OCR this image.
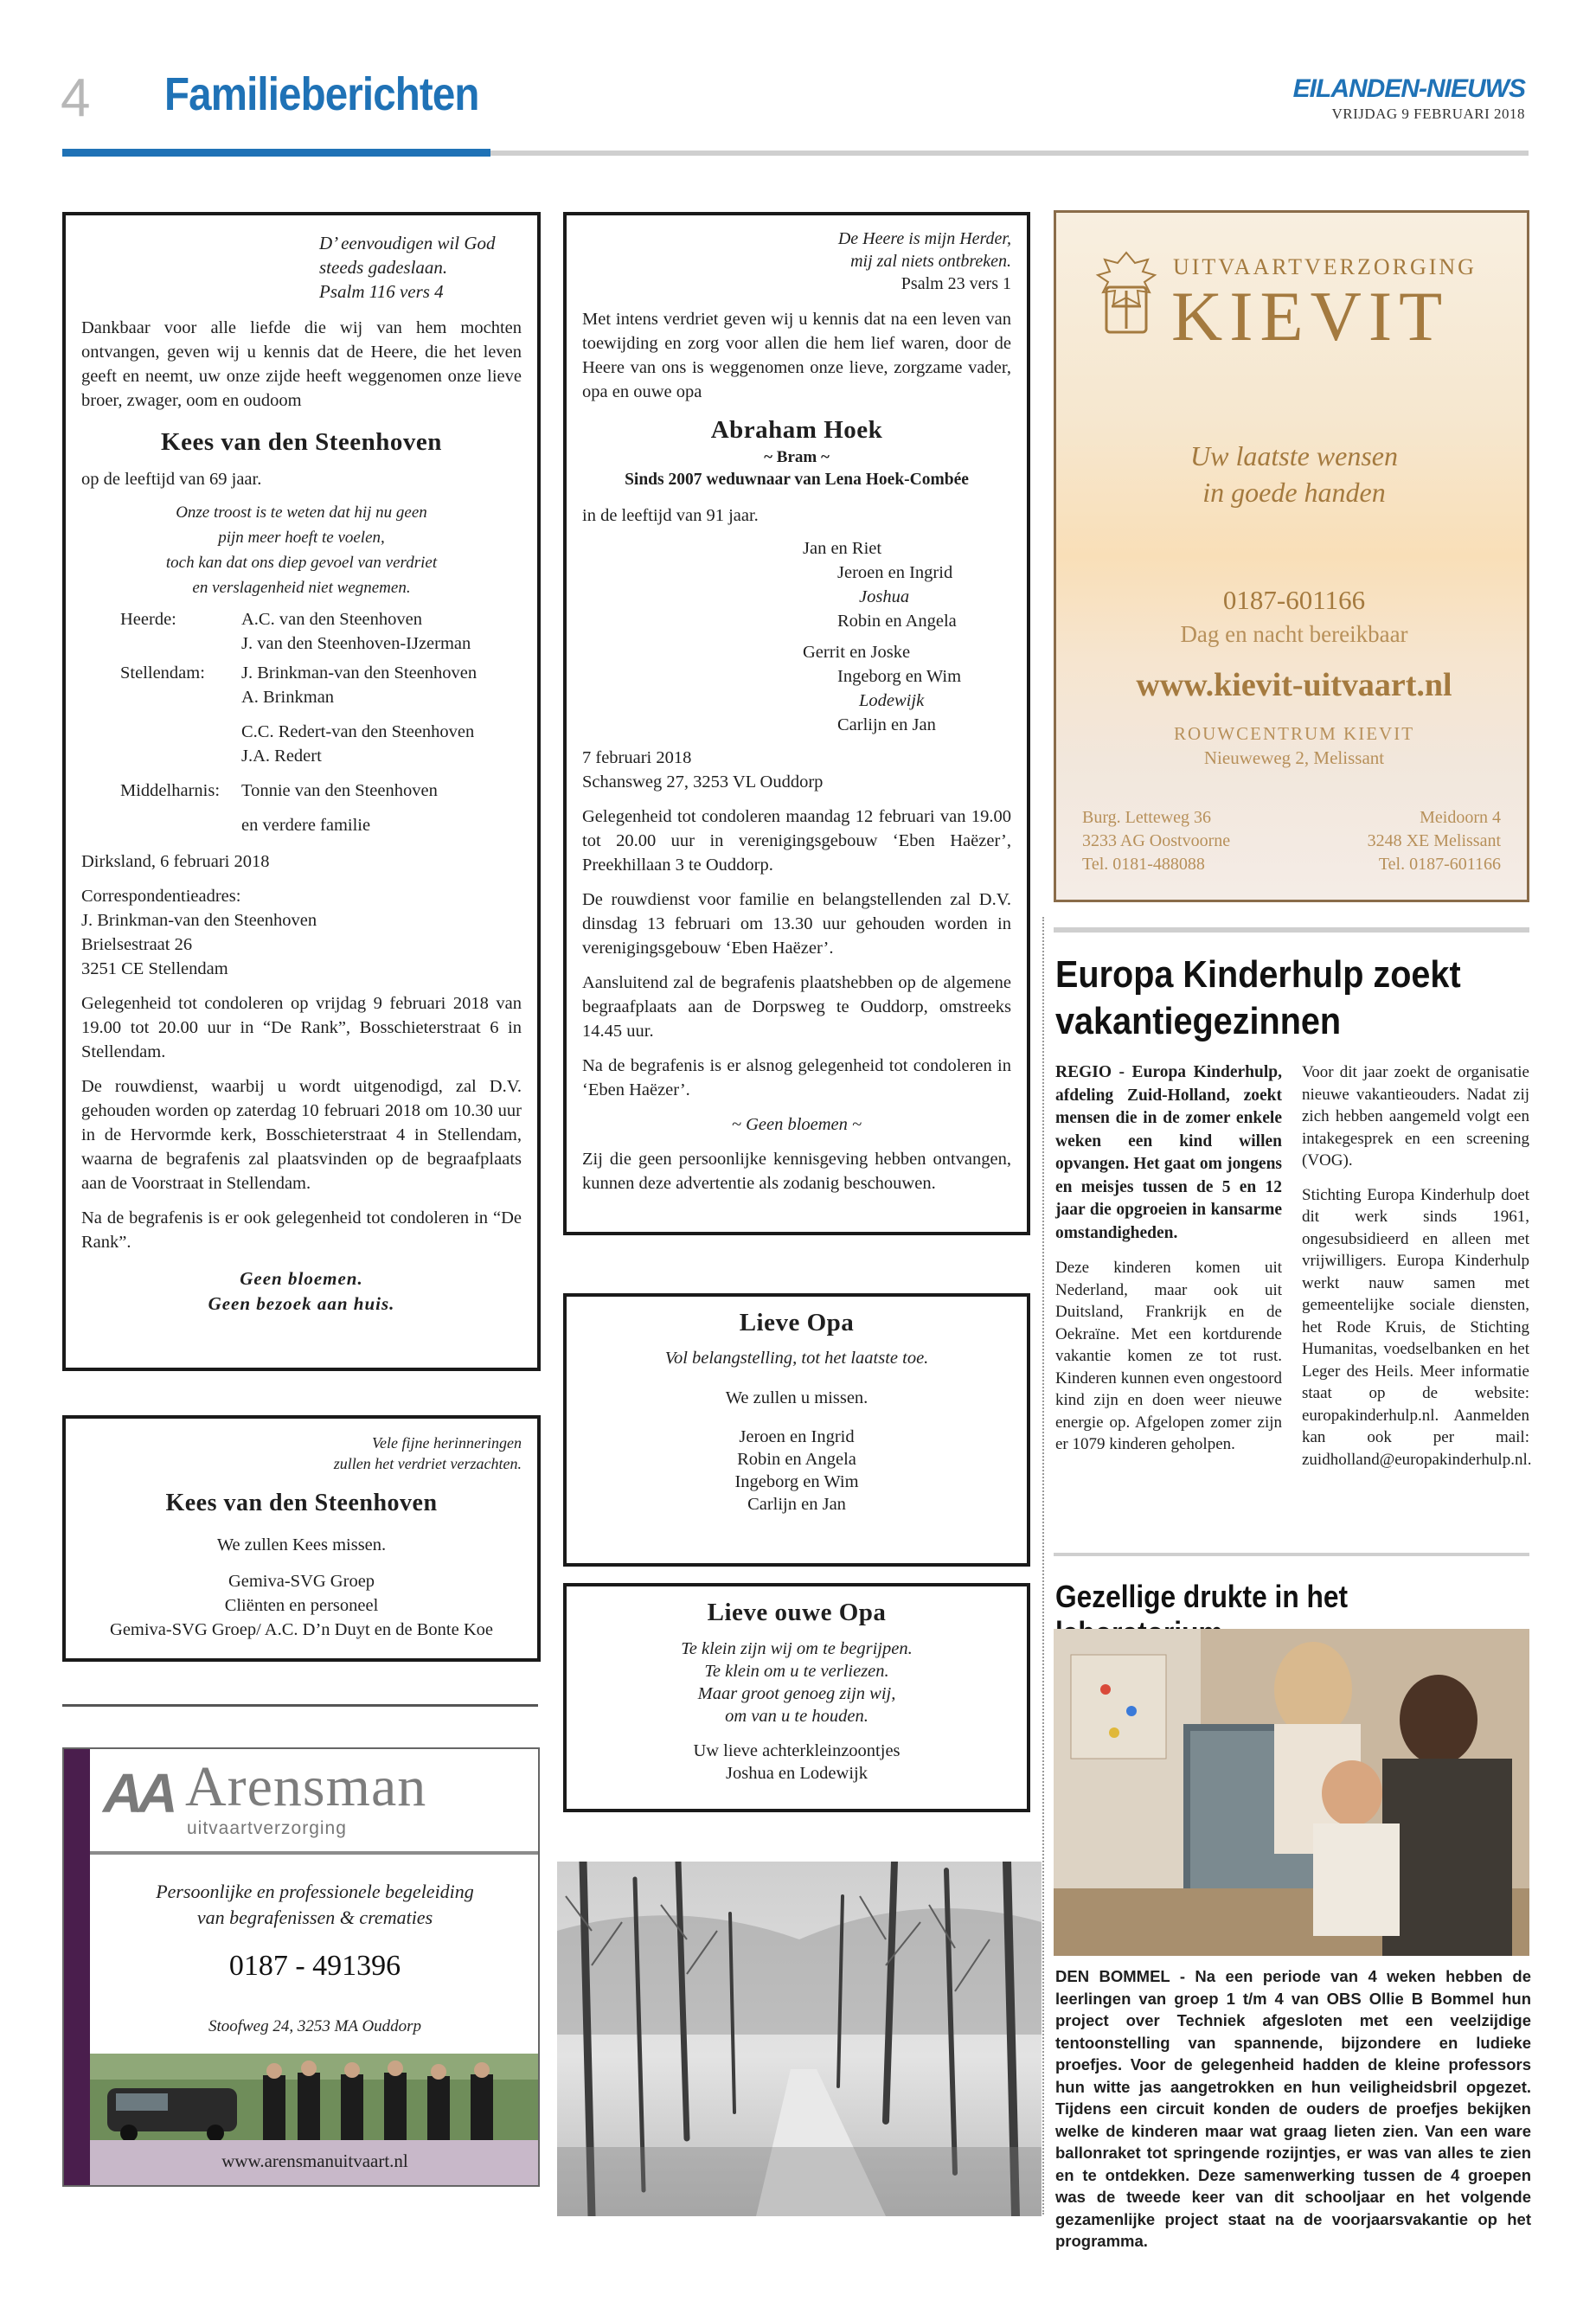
4 Familieberichten	EILANDEN-NIEUWS
VRIJDAG 9 FEBRUARI 2018
D’ eenvoudigen wil God
steeds gadeslaan.
Psalm 116 vers 4

Dankbaar voor alle liefde die wij van hem mochten ontvangen, geven wij u kennis dat de Heere, die het leven geeft en neemt, uw onze zijde heeft weggenomen onze lieve broer, zwager, oom en oudoom

Kees van den Steenhoven

op de leeftijd van 69 jaar.

Onze troost is te weten dat hij nu geen
pijn meer hoeft te voelen,
toch kan dat ons diep gevoel van verdriet
en verslagenheid niet wegnemen.
Heerde:	A.C. van den Steenhoven
J. van den Steenhoven-IJzerman
Stellendam:	J. Brinkman-van den Steenhoven
A. Brinkman
C.C. Redert-van den Steenhoven
J.A. Redert
Middelharnis:	Tonnie van den Steenhoven
en verdere familie

Dirksland, 6 februari 2018

Correspondentieadres:
J. Brinkman-van den Steenhoven
Brielsestraat 26
3251 CE Stellendam

Gelegenheid tot condoleren op vrijdag 9 februari 2018 van 19.00 tot 20.00 uur in “De Rank”, Bosschieterstraat 6 in Stellendam.

De rouwdienst, waarbij u wordt uitgenodigd, zal D.V. gehouden worden op zaterdag 10 februari 2018 om 10.30 uur in de Hervormde kerk, Bosschieterstraat 4 in Stellendam, waarna de begrafenis zal plaatsvinden op de begraafplaats aan de Voorstraat in Stellendam.

Na de begrafenis is er ook gelegenheid tot condoleren in “De Rank”.

Geen bloemen.
Geen bezoek aan huis.
Vele fijne herinneringen
zullen het verdriet verzachten.
Kees van den Steenhoven

We zullen Kees missen.

Gemiva-SVG Groep
Cliënten en personeel
Gemiva-SVG Groep/ A.C. D’n Duyt en de Bonte Koe
De Heere is mijn Herder,
mij zal niets ontbreken.
Psalm 23 vers 1

Met intens verdriet geven wij u kennis dat na een leven van toewijding en zorg voor allen die hem lief waren, door de Heere van ons is weggenomen onze lieve, zorgzame vader, opa en ouwe opa

Abraham Hoek
~ Bram ~
Sinds 2007 weduwnaar van Lena Hoek-Combée

in de leeftijd van 91 jaar.

Jan en Riet
Jeroen en Ingrid
Joshua
Robin en Angela
Gerrit en Joske
Ingeborg en Wim
Lodewijk
Carlijn en Jan

7 februari 2018

Schansweg 27, 3253 VL Ouddorp

Gelegenheid tot condoleren maandag 12 februari van 19.00 tot 20.00 uur in verenigingsgebouw ‘Eben Haëzer’, Preekhillaan 3 te Ouddorp.

De rouwdienst voor familie en belangstellenden zal D.V. dinsdag 13 februari om 13.30 uur gehouden worden in verenigingsgebouw ‘Eben Haëzer’.

Aansluitend zal de begrafenis plaatshebben op de algemene begraafplaats aan de Dorpsweg te Ouddorp, omstreeks 14.45 uur.

Na de begrafenis is er alsnog gelegenheid tot condoleren in ‘Eben Haëzer’.

~ Geen bloemen ~

Zij die geen persoonlijke kennisgeving hebben ontvangen, kunnen deze advertentie als zodanig beschouwen.

Lieve Opa

Vol belangstelling, tot het laatste toe.

We zullen u missen.

Jeroen en Ingrid
Robin en Angela
Ingeborg en Wim
Carlijn en Jan
Lieve ouwe Opa
Te klein zijn wij om te begrijpen.
Te klein om u te verliezen.
Maar groot genoeg zijn wij,
om van u te houden.
Uw lieve achterkleinzoontjes
Joshua en Lodewijk
UITVAARTVERZORGING
KIEVIT
Uw laatste wensen
in goede handen
0187-601166
Dag en nacht bereikbaar
www.kievit-uitvaart.nl
ROUWCENTRUM KIEVIT
Nieuweweg 2, Melissant
Burg. Letteweg 36
3233 AG Oostvoorne
Tel. 0181-488088
Meidoorn 4
3248 XE Melissant
Tel. 0187-601166
Europa Kinderhulp zoekt
vakantiegezinnen

REGIO - Europa Kinderhulp, afdeling Zuid-Holland, zoekt mensen die in de zomer enkele weken een kind willen opvangen. Het gaat om jongens en meisjes tussen de 5 en 12 jaar die opgroeien in kansarme omstandigheden.

Deze kinderen komen uit Nederland, maar ook uit Duitsland, Frankrijk en de Oekraïne. Met een kortdurende vakantie komen ze tot rust. Kinderen kunnen even ongestoord kind zijn en doen weer nieuwe energie op. Afgelopen zomer zijn er 1079 kinderen geholpen.

Voor dit jaar zoekt de organisatie nieuwe vakantieouders. Nadat zij zich hebben aangemeld volgt een intakegesprek en een screening (VOG).

Stichting Europa Kinderhulp doet dit werk sinds 1961, ongesubsidieerd en alleen met vrijwilligers. Europa Kinderhulp werkt nauw samen met gemeentelijke sociale diensten, het Rode Kruis, de Stichting Humanitas, voedselbanken en het Leger des Heils. Meer informatie staat op de website: europakinderhulp.nl. Aanmelden kan ook per mail: zuidholland@europakinderhulp.nl.

Gezellige drukte in het

DEN BOMMEL - Na een periode van 4 weken hebben de leerlingen van groep 1 t/m 4 van OBS Ollie B Bommel hun project over Techniek afgesloten met een veelzijdige tentoonstelling van spannende, bijzondere en ludieke proefjes. Voor de gelegenheid hadden de kleine professors hun witte jas aangetrokken en hun veiligheidsbril opgezet. Tijdens een circuit konden de ouders de proefjes bekijken welke de kinderen maar wat graag lieten zien. Van een ware ballonraket tot springende rozijntjes, er was van alles te zien en te ontdekken. Deze samenwerking tussen de 4 groepen was de tweede keer van dit schooljaar en het volgende gezamenlijke project staat na de voorjaarsvakantie op het programma.

AA Arensman
uitvaartverzorging
Persoonlijke en professionele begeleiding
van begrafenissen & crematies
0187 - 491396
Stoofweg 24, 3253 MA Ouddorp
www.arensmanuitvaart.nl
